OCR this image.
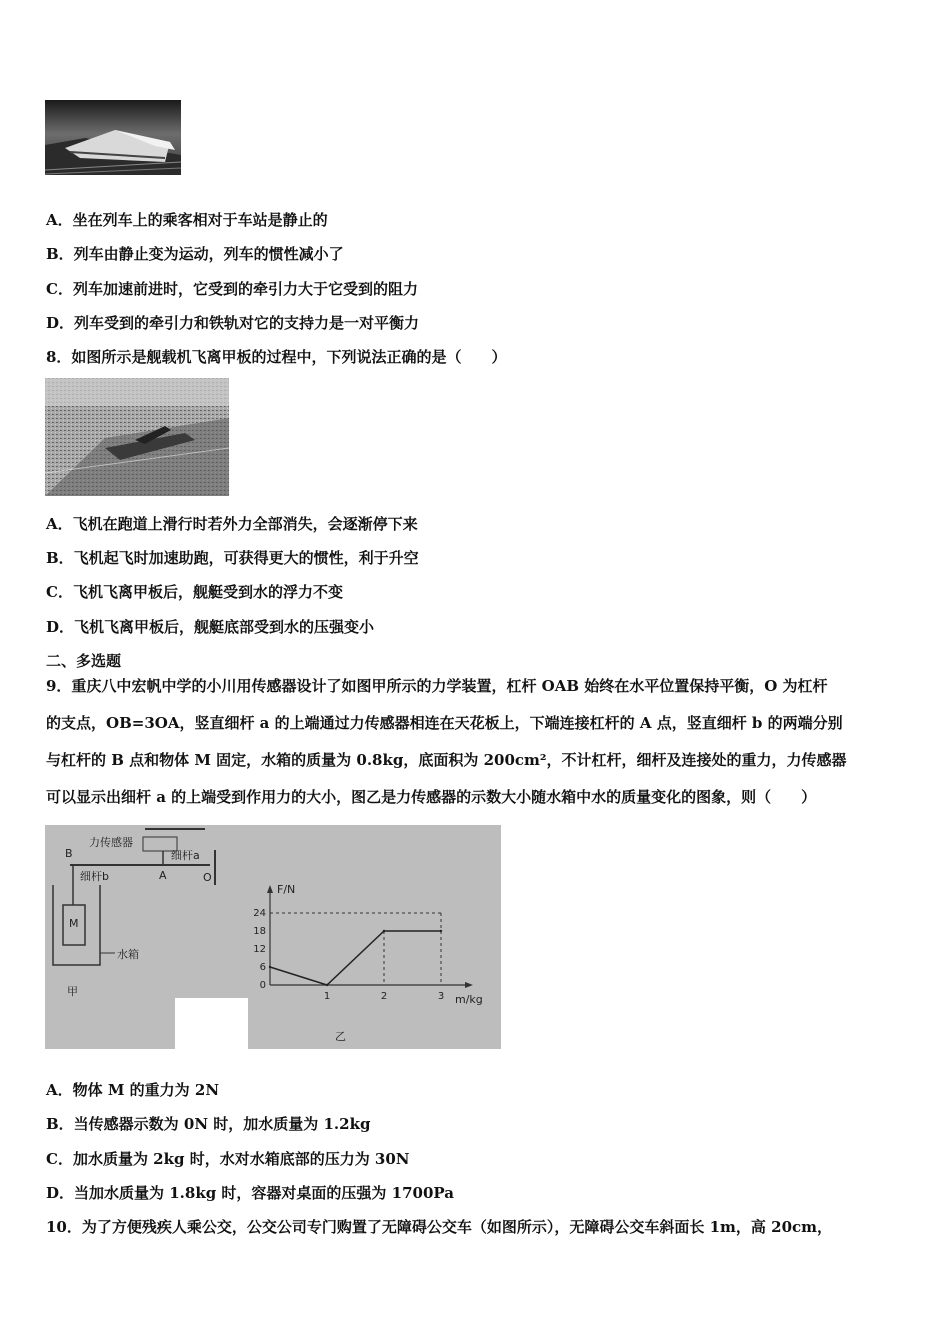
A．坐在列车上的乘客相对于车站是静止的
B．列车由静止变为运动，列车的惯性减小了
C．列车加速前进时，它受到的牵引力大于它受到的阻力
D．列车受到的牵引力和铁轨对它的支持力是一对平衡力
8．如图所示是舰载机飞离甲板的过程中，下列说法正确的是（　　）
A．飞机在跑道上滑行时若外力全部消失，会逐渐停下来
B．飞机起飞时加速助跑，可获得更大的惯性，利于升空
C．飞机飞离甲板后，舰艇受到水的浮力不变
D．飞机飞离甲板后，舰艇底部受到水的压强变小
二、多选题
9．重庆八中宏帆中学的小川用传感器设计了如图甲所示的力学装置，杠杆 OAB 始终在水平位置保持平衡，O 为杠杆
的支点，OB=3OA，竖直细杆 a 的上端通过力传感器相连在天花板上，下端连接杠杆的 A 点，竖直细杆 b 的两端分别
与杠杆的 B 点和物体 M 固定，水箱的质量为 0.8kg，底面积为 200cm²，不计杠杆，细杆及连接处的重力，力传感器
可以显示出细杆 a 的上端受到作用力的大小，图乙是力传感器的示数大小随水箱中水的质量变化的图象，则（　　）
0
6
12
18
24
1	2	3
力传感器
细杆a
B
细杆b	A	O
M
水箱
甲
F/N
m/kg
乙
A．物体 M 的重力为 2N
B．当传感器示数为 0N 时，加水质量为 1.2kg
C．加水质量为 2kg 时，水对水箱底部的压力为 30N
D．当加水质量为 1.8kg 时，容器对桌面的压强为 1700Pa
10．为了方便残疾人乘公交，公交公司专门购置了无障碍公交车（如图所示），无障碍公交车斜面长 1m，高 20cm，
